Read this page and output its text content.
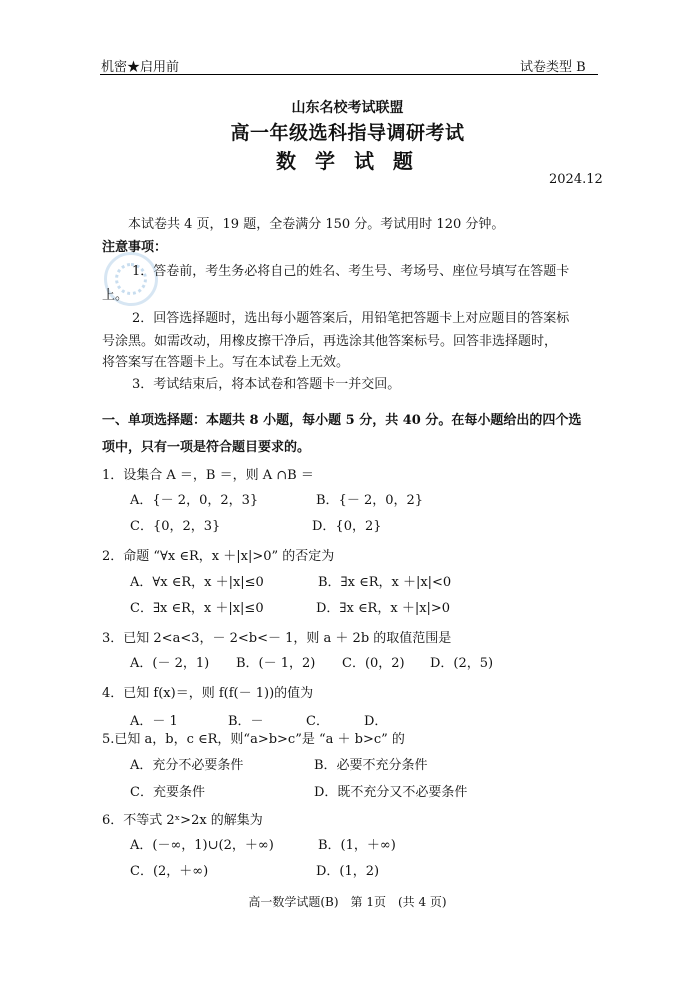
机密★启用前	试卷类型 B
山东名校考试联盟
高一年级选科指导调研考试
数 学 试 题
2024.12
本试卷共 4 页，19 题，全卷满分 150 分。考试用时 120 分钟。
注意事项：
1．答卷前，考生务必将自己的姓名、考生号、考场号、座位号填写在答题卡
上。
2．回答选择题时，选出每小题答案后，用铅笔把答题卡上对应题目的答案标
号涂黑。如需改动，用橡皮擦干净后，再选涂其他答案标号。回答非选择题时，
将答案写在答题卡上。写在本试卷上无效。
3．考试结束后，将本试卷和答题卡一并交回。
一、单项选择题：本题共 8 小题，每小题 5 分，共 40 分。在每小题给出的四个选
项中，只有一项是符合题目要求的。
1．设集合 A ＝，B ＝，则 A ∩B ＝
A．{－ 2，0，2，3}	B．{－ 2，0，2}
C．{0，2，3}	D．{0，2}
2．命题 “∀x ∈R，x ＋|x|>0” 的否定为
A．∀x ∈R，x ＋|x|≤0	B．∃x ∈R，x ＋|x|<0
C．∃x ∈R，x ＋|x|≤0	D．∃x ∈R，x ＋|x|>0
3．已知 2<a<3，－ 2<b<－ 1，则 a ＋ 2b 的取值范围是
A．(－ 2，1) B．(－ 1，2) C．(0，2) D．(2，5)
4．已知 f(x)＝，则 f(f(－ 1))的值为
A．－ 1	B．－	C．	D．
5.已知 a，b，c ∈R，则“a>b>c”是 “a ＋ b>c” 的
A．充分不必要条件	B．必要不充分条件
C．充要条件	D．既不充分又不必要条件
6．不等式 2ˣ>2x 的解集为
A．(－∞，1)∪(2，＋∞)	B．(1，＋∞)
C．(2，＋∞)	D．(1，2)
高一数学试题(B)　第 1页　(共 4 页)
